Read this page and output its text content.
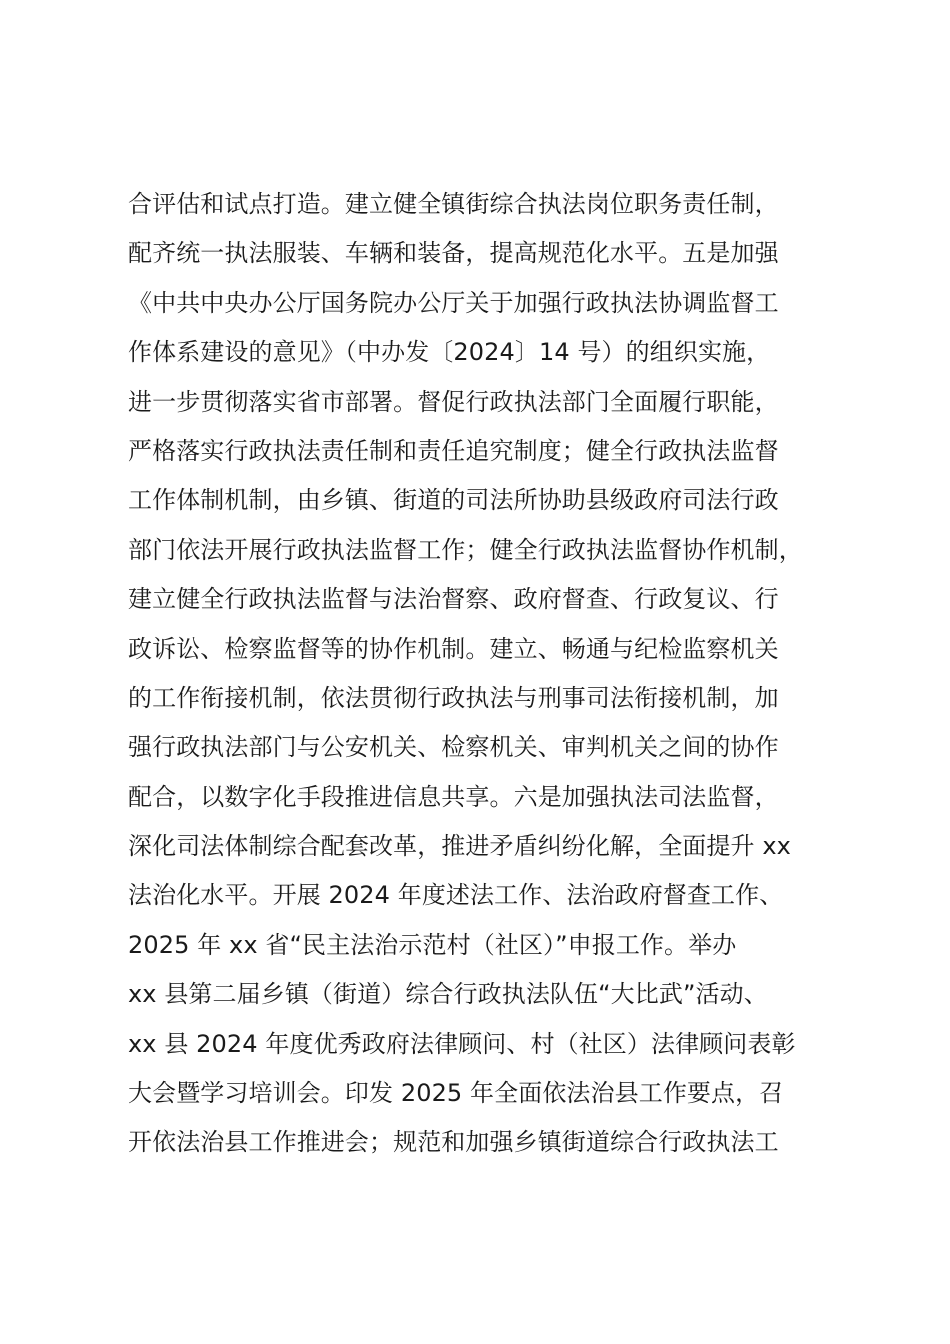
合评估和试点打造。建立健全镇街综合执法岗位职务责任制，
配齐统一执法服装、车辆和装备，提高规范化水平。五是加强
《中共中央办公厅国务院办公厅关于加强行政执法协调监督工
作体系建设的意见》（中办发〔2024〕14 号）的组织实施，
进一步贯彻落实省市部署。督促行政执法部门全面履行职能，
严格落实行政执法责任制和责任追究制度；健全行政执法监督
工作体制机制，由乡镇、街道的司法所协助县级政府司法行政
部门依法开展行政执法监督工作；健全行政执法监督协作机制，
建立健全行政执法监督与法治督察、政府督查、行政复议、行
政诉讼、检察监督等的协作机制。建立、畅通与纪检监察机关
的工作衔接机制，依法贯彻行政执法与刑事司法衔接机制，加
强行政执法部门与公安机关、检察机关、审判机关之间的协作
配合，以数字化手段推进信息共享。六是加强执法司法监督，
深化司法体制综合配套改革，推进矛盾纠纷化解，全面提升 xx
法治化水平。开展 2024 年度述法工作、法治政府督查工作、
2025 年 xx 省“民主法治示范村（社区）”申报工作。举办
xx 县第二届乡镇（街道）综合行政执法队伍“大比武”活动、
xx 县 2024 年度优秀政府法律顾问、村（社区）法律顾问表彰
大会暨学习培训会。印发 2025 年全面依法治县工作要点，召
开依法治县工作推进会；规范和加强乡镇街道综合行政执法工
